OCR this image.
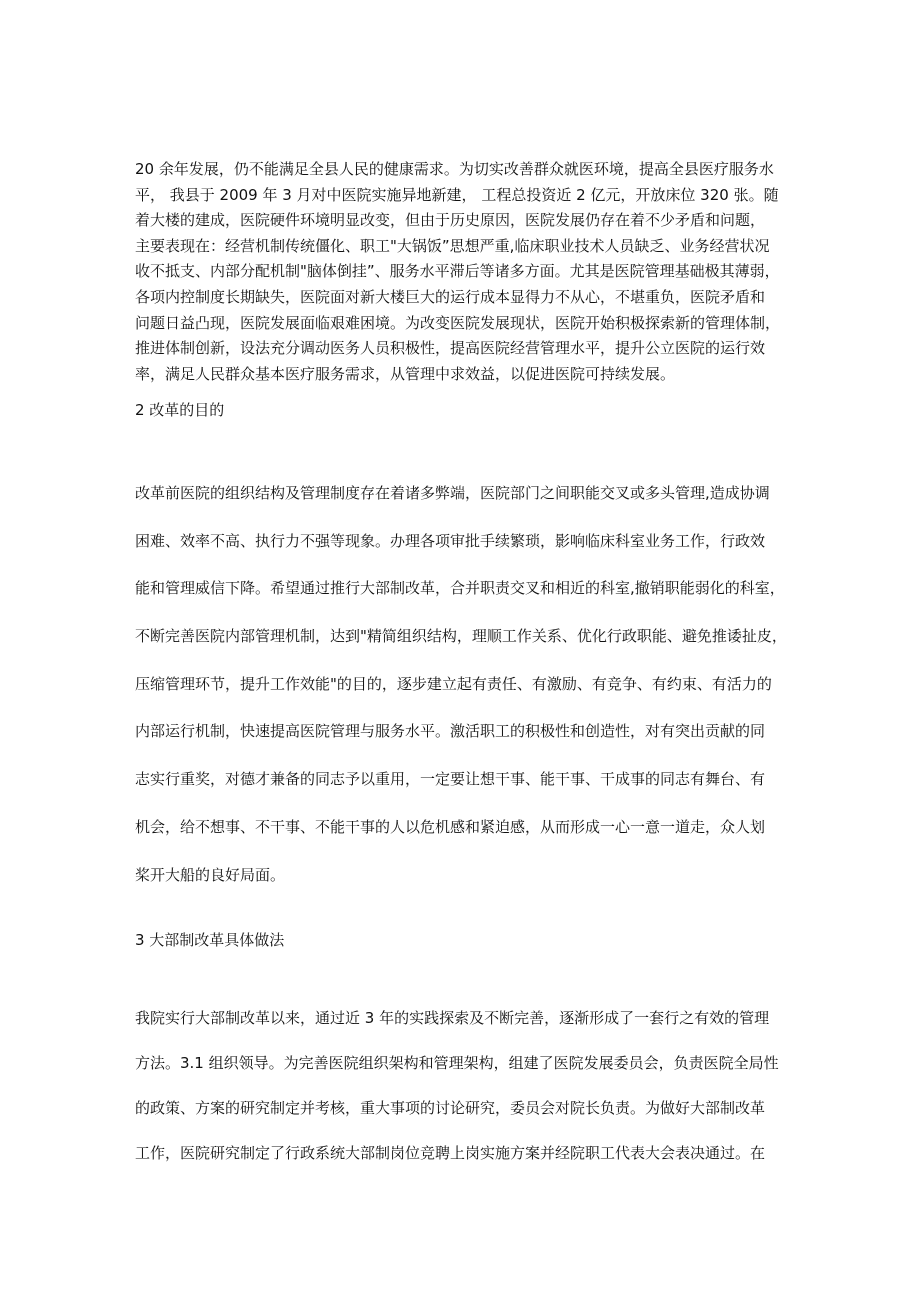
20 余年发展，仍不能满足全县人民的健康需求。为切实改善群众就医环境，提高全县医疗服务水
平， 我县于 2009 年 3 月对中医院实施异地新建， 工程总投资近 2 亿元，开放床位 320 张。随
着大楼的建成，医院硬件环境明显改变，但由于历史原因，医院发展仍存在着不少矛盾和问题，
主要表现在：经营机制传统僵化、职工"大锅饭”思想严重,临床职业技术人员缺乏、业务经营状况
收不抵支、内部分配机制"脑体倒挂”、服务水平滞后等诸多方面。尤其是医院管理基础极其薄弱，
各项内控制度长期缺失，医院面对新大楼巨大的运行成本显得力不从心，不堪重负，医院矛盾和
问题日益凸现，医院发展面临艰难困境。为改变医院发展现状，医院开始积极探索新的管理体制，
推进体制创新，设法充分调动医务人员积极性，提高医院经营管理水平，提升公立医院的运行效
率，满足人民群众基本医疗服务需求，从管理中求效益，以促进医院可持续发展。
2 改革的目的
改革前医院的组织结构及管理制度存在着诸多弊端，医院部门之间职能交叉或多头管理,造成协调
困难、效率不高、执行力不强等现象。办理各项审批手续繁琐，影响临床科室业务工作，行政效
能和管理威信下降。希望通过推行大部制改革，合并职责交叉和相近的科室,撤销职能弱化的科室，
不断完善医院内部管理机制，达到"精简组织结构，理顺工作关系、优化行政职能、避免推诿扯皮，
压缩管理环节，提升工作效能"的目的，逐步建立起有责任、有激励、有竞争、有约束、有活力的
内部运行机制，快速提高医院管理与服务水平。激活职工的积极性和创造性，对有突出贡献的同
志实行重奖，对德才兼备的同志予以重用，一定要让想干事、能干事、干成事的同志有舞台、有
机会，给不想事、不干事、不能干事的人以危机感和紧迫感，从而形成一心一意一道走，众人划
桨开大船的良好局面。
3 大部制改革具体做法
我院实行大部制改革以来，通过近 3 年的实践探索及不断完善，逐渐形成了一套行之有效的管理
方法。3.1 组织领导。为完善医院组织架构和管理架构，组建了医院发展委员会，负责医院全局性
的政策、方案的研究制定并考核，重大事项的讨论研究，委员会对院长负责。为做好大部制改革
工作，医院研究制定了行政系统大部制岗位竞聘上岗实施方案并经院职工代表大会表决通过。在
